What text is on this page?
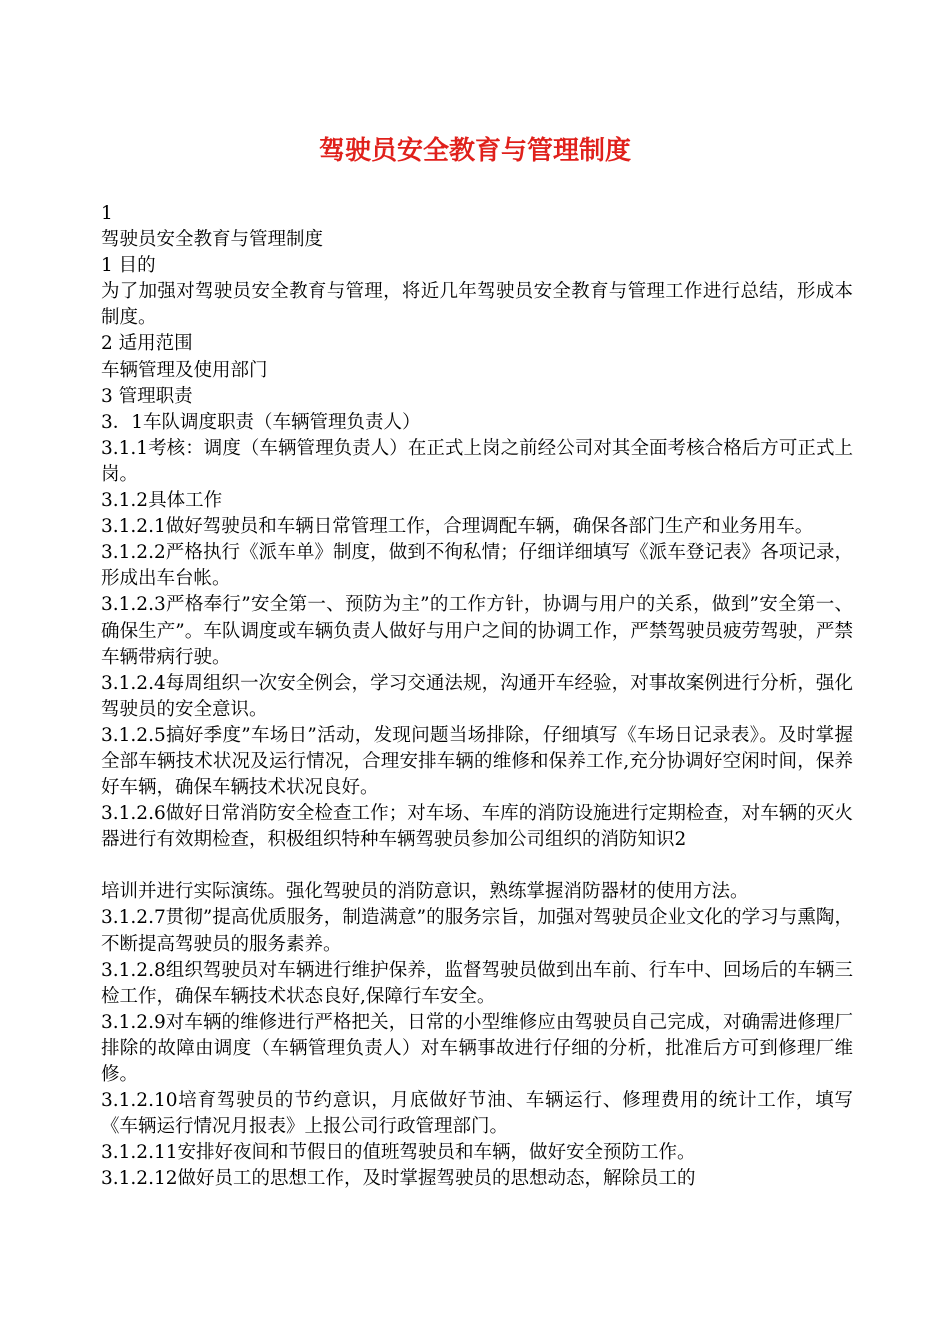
驾驶员安全教育与管理制度

1

驾驶员安全教育与管理制度

1 目的

为了加强对驾驶员安全教育与管理，将近几年驾驶员安全教育与管理工作进行总结，形成本制度。

2 适用范围

车辆管理及使用部门

3 管理职责

3．1车队调度职责（车辆管理负责人）

3.1.1考核：调度（车辆管理负责人）在正式上岗之前经公司对其全面考核合格后方可正式上岗。

3.1.2具体工作

3.1.2.1做好驾驶员和车辆日常管理工作，合理调配车辆，确保各部门生产和业务用车。

3.1.2.2严格执行《派车单》制度，做到不徇私情；仔细详细填写《派车登记表》各项记录，形成出车台帐。

3.1.2.3严格奉行”安全第一、预防为主”的工作方针，协调与用户的关系，做到”安全第一、确保生产”。车队调度或车辆负责人做好与用户之间的协调工作，严禁驾驶员疲劳驾驶，严禁车辆带病行驶。

3.1.2.4每周组织一次安全例会，学习交通法规，沟通开车经验，对事故案例进行分析，强化驾驶员的安全意识。

3.1.2.5搞好季度”车场日”活动，发现问题当场排除，仔细填写《车场日记录表》。及时掌握全部车辆技术状况及运行情况，合理安排车辆的维修和保养工作,充分协调好空闲时间，保养好车辆，确保车辆技术状况良好。

3.1.2.6做好日常消防安全检查工作；对车场、车库的消防设施进行定期检查，对车辆的灭火器进行有效期检查，积极组织特种车辆驾驶员参加公司组织的消防知识2

培训并进行实际演练。强化驾驶员的消防意识，熟练掌握消防器材的使用方法。

3.1.2.7贯彻”提高优质服务，制造满意”的服务宗旨，加强对驾驶员企业文化的学习与熏陶，不断提高驾驶员的服务素养。

3.1.2.8组织驾驶员对车辆进行维护保养，监督驾驶员做到出车前、行车中、回场后的车辆三检工作，确保车辆技术状态良好,保障行车安全。

3.1.2.9对车辆的维修进行严格把关，日常的小型维修应由驾驶员自己完成，对确需进修理厂排除的故障由调度（车辆管理负责人）对车辆事故进行仔细的分析，批准后方可到修理厂维修。

3.1.2.10培育驾驶员的节约意识，月底做好节油、车辆运行、修理费用的统计工作，填写《车辆运行情况月报表》上报公司行政管理部门。

3.1.2.11安排好夜间和节假日的值班驾驶员和车辆，做好安全预防工作。

3.1.2.12做好员工的思想工作，及时掌握驾驶员的思想动态，解除员工的
